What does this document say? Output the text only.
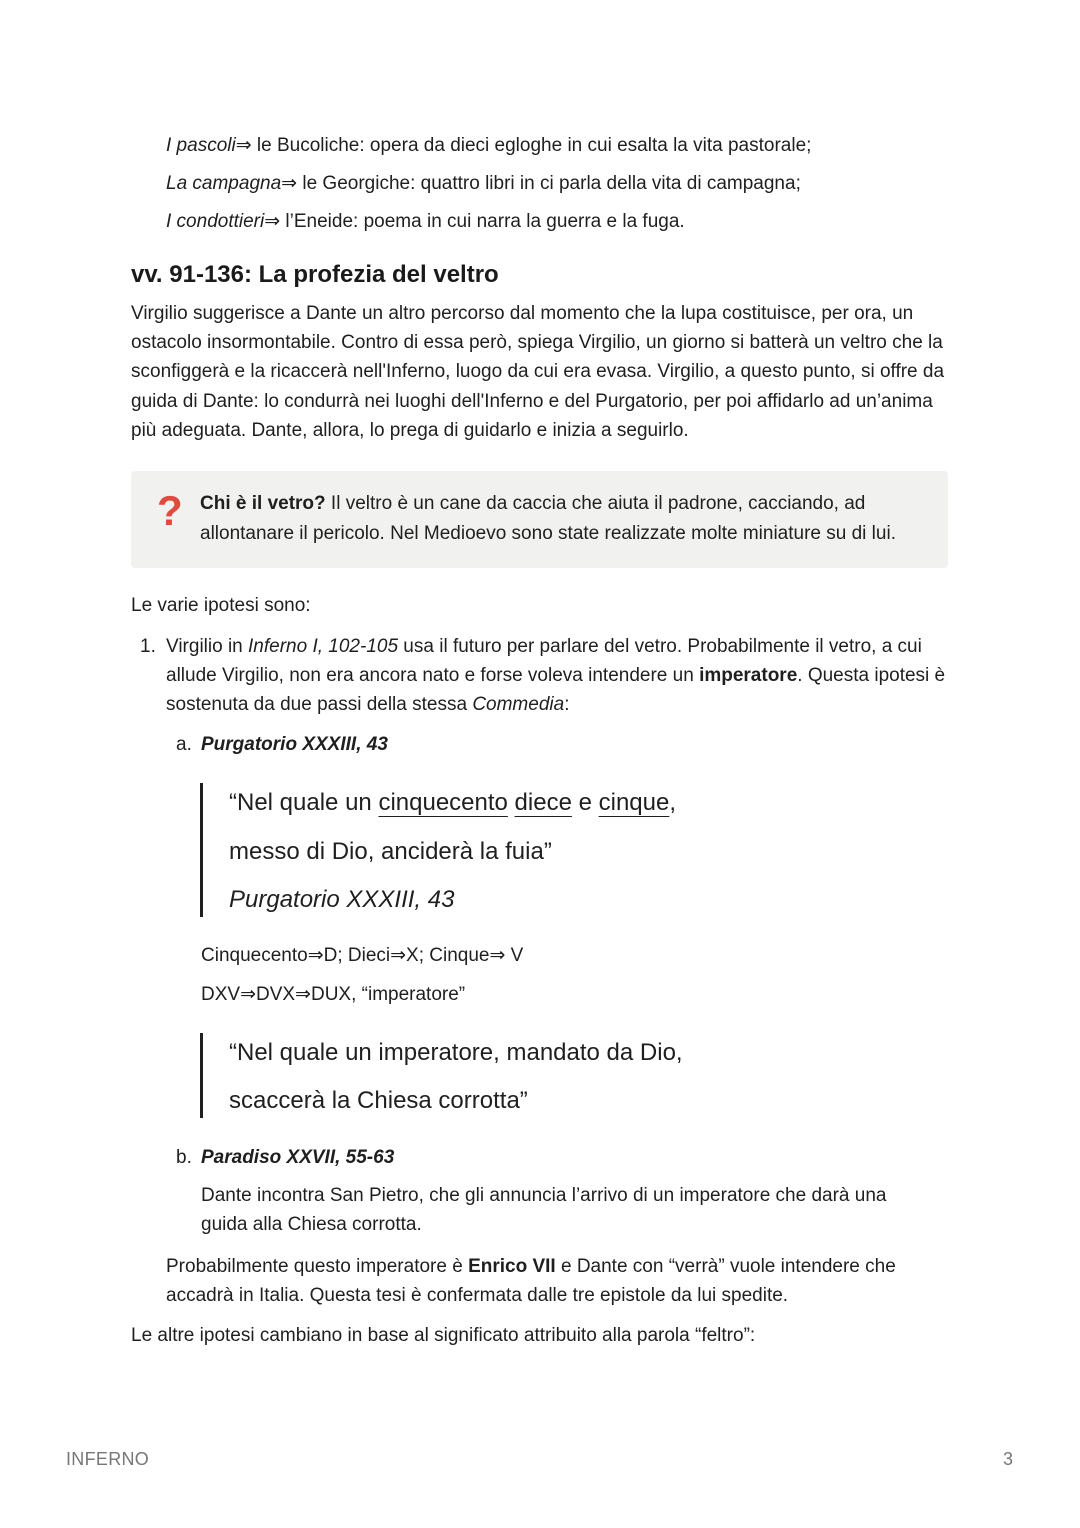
I pascoli⇒ le Bucoliche: opera da dieci egloghe in cui esalta la vita pastorale;
La campagna⇒ le Georgiche: quattro libri in ci parla della vita di campagna;
I condottieri⇒ l’Eneide: poema in cui narra la guerra e la fuga.
vv. 91-136: La profezia del veltro
Virgilio suggerisce a Dante un altro percorso dal momento che la lupa costituisce, per ora, un ostacolo insormontabile. Contro di essa però, spiega Virgilio, un giorno si batterà un veltro che la sconfiggerà e la ricaccerà nell'Inferno, luogo da cui era evasa. Virgilio, a questo punto, si offre da guida di Dante: lo condurrà nei luoghi dell'Inferno e del Purgatorio, per poi affidarlo ad un’anima più adeguata. Dante, allora, lo prega di guidarlo e inizia a seguirlo.
? Chi è il vetro? Il veltro è un cane da caccia che aiuta il padrone, cacciando, ad allontanare il pericolo. Nel Medioevo sono state realizzate molte miniature su di lui.
Le varie ipotesi sono:
1. Virgilio in Inferno I, 102-105 usa il futuro per parlare del vetro. Probabilmente il vetro, a cui allude Virgilio, non era ancora nato e forse voleva intendere un imperatore. Questa ipotesi è sostenuta da due passi della stessa Commedia:
a. Purgatorio XXXIII, 43
“Nel quale un cinquecento diece e cinque,
messo di Dio, anciderà la fuia”
Purgatorio XXXIII, 43
Cinquecento⇒D; Dieci⇒X; Cinque⇒ V
DXV⇒DVX⇒DUX, “imperatore”
“Nel quale un imperatore, mandato da Dio,
scaccerà la Chiesa corrotta”
b. Paradiso XXVII, 55-63
Dante incontra San Pietro, che gli annuncia l’arrivo di un imperatore che darà una guida alla Chiesa corrotta.
Probabilmente questo imperatore è Enrico VII e Dante con “verrà” vuole intendere che accadrà in Italia. Questa tesi è confermata dalle tre epistole da lui spedite.
Le altre ipotesi cambiano in base al significato attribuito alla parola “feltro”:
INFERNO	3
